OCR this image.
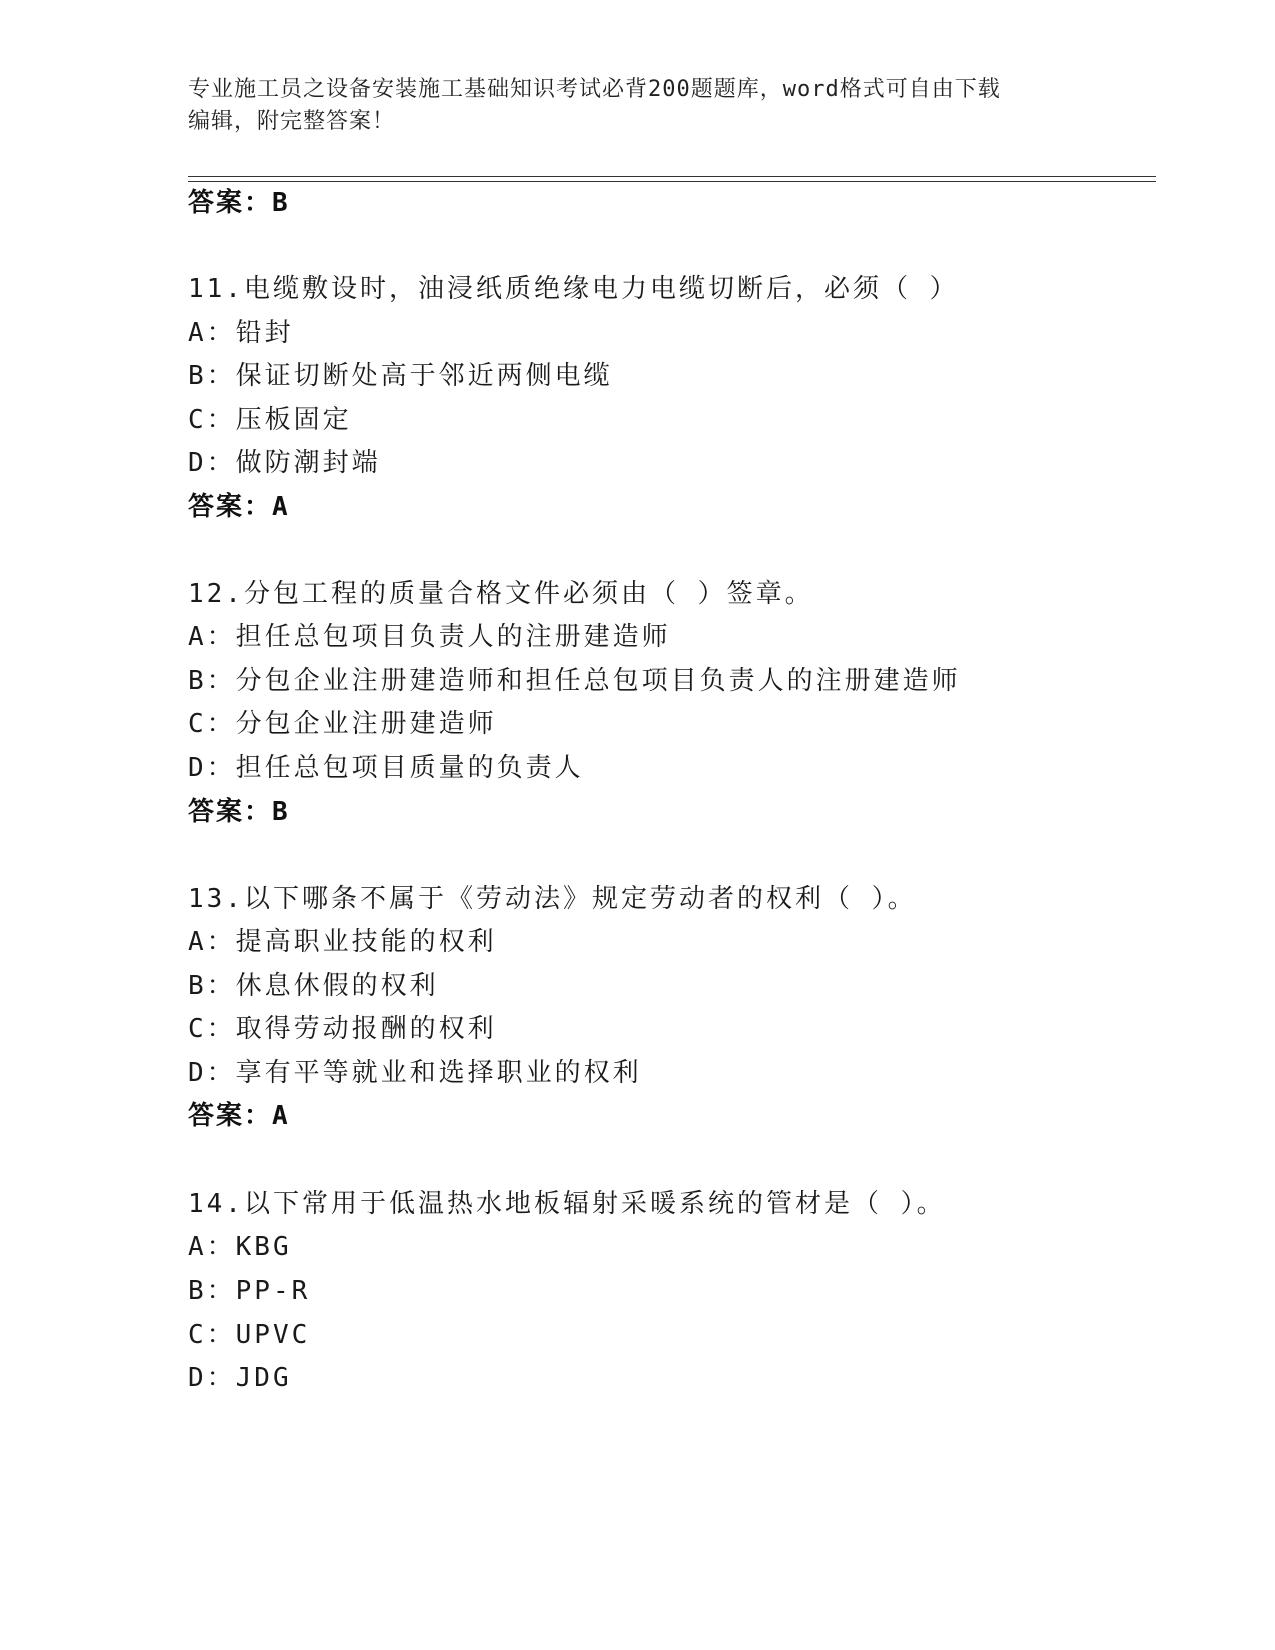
专业施工员之设备安装施工基础知识考试必背200题题库，word格式可自由下载
编辑，附完整答案！
答案：B
11.电缆敷设时，油浸纸质绝缘电力电缆切断后，必须（ ）
A：铅封
B：保证切断处高于邻近两侧电缆
C：压板固定
D：做防潮封端
答案：A
12.分包工程的质量合格文件必须由（ ）签章。
A：担任总包项目负责人的注册建造师
B：分包企业注册建造师和担任总包项目负责人的注册建造师
C：分包企业注册建造师
D：担任总包项目质量的负责人
答案：B
13.以下哪条不属于《劳动法》规定劳动者的权利（ ）。
A：提高职业技能的权利
B：休息休假的权利
C：取得劳动报酬的权利
D：享有平等就业和选择职业的权利
答案：A
14.以下常用于低温热水地板辐射采暖系统的管材是（ ）。
A：KBG
B：PP-R
C：UPVC
D：JDG
